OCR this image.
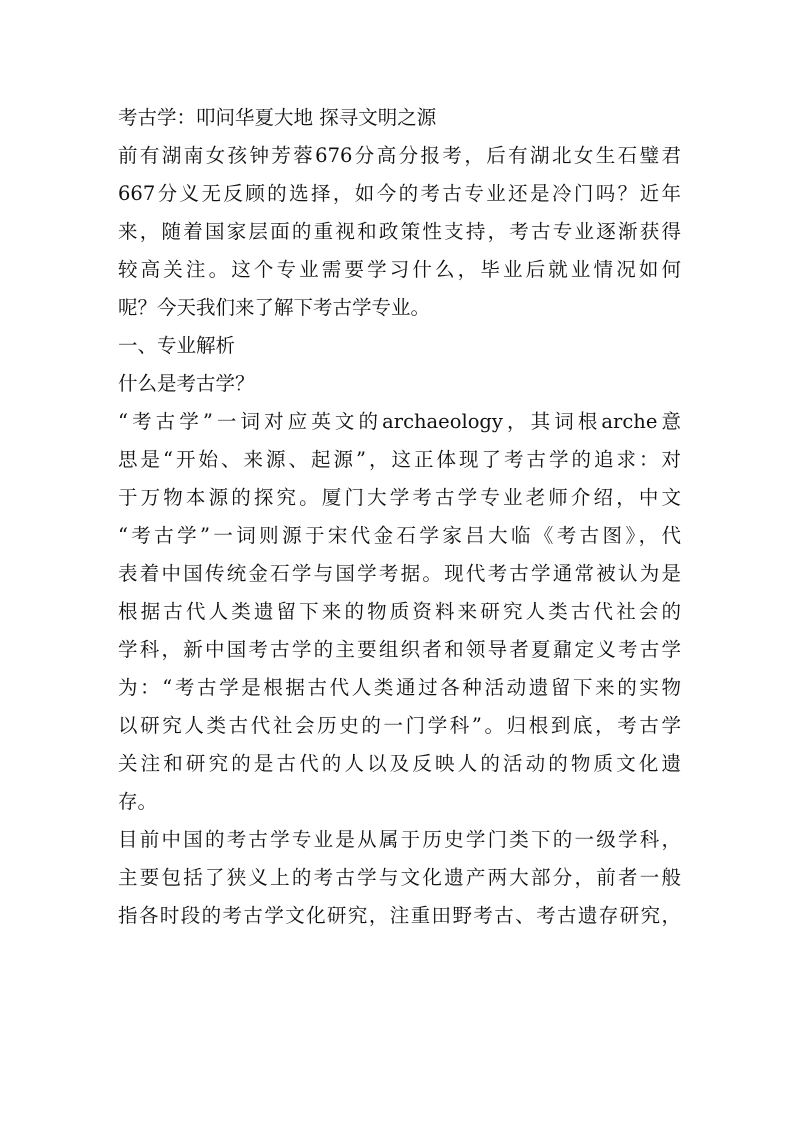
考古学：叩问华夏大地 探寻文明之源
前有湖南女孩钟芳蓉676分高分报考，后有湖北女生石璧君
667分义无反顾的选择，如今的考古专业还是冷门吗？近年
来，随着国家层面的重视和政策性支持，考古专业逐渐获得
较高关注。这个专业需要学习什么，毕业后就业情况如何
呢？今天我们来了解下考古学专业。
一、专业解析
什么是考古学？
“考古学”一词对应英文的archaeology，其词根arche意
思是“开始、来源、起源”，这正体现了考古学的追求：对
于万物本源的探究。厦门大学考古学专业老师介绍，中文
“考古学”一词则源于宋代金石学家吕大临《考古图》，代
表着中国传统金石学与国学考据。现代考古学通常被认为是
根据古代人类遗留下来的物质资料来研究人类古代社会的
学科，新中国考古学的主要组织者和领导者夏鼐定义考古学
为：“考古学是根据古代人类通过各种活动遗留下来的实物
以研究人类古代社会历史的一门学科”。归根到底，考古学
关注和研究的是古代的人以及反映人的活动的物质文化遗
存。
目前中国的考古学专业是从属于历史学门类下的一级学科，
主要包括了狭义上的考古学与文化遗产两大部分，前者一般
指各时段的考古学文化研究，注重田野考古、考古遗存研究，
